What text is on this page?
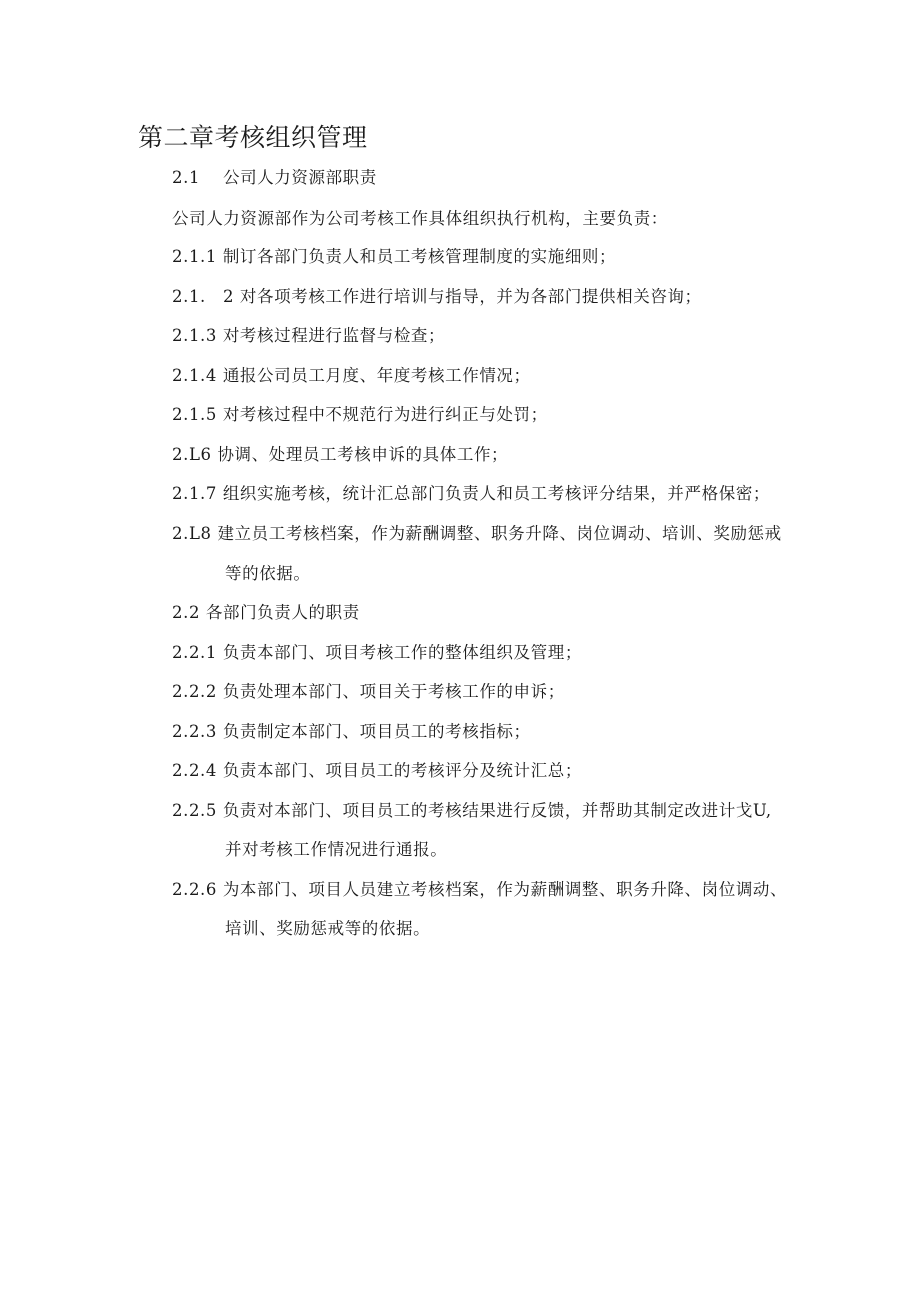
第二章考核组织管理
2.1　 公司人力资源部职责
公司人力资源部作为公司考核工作具体组织执行机构，主要负责：
2.1.1 制订各部门负责人和员工考核管理制度的实施细则；
2.1.　2 对各项考核工作进行培训与指导，并为各部门提供相关咨询；
2.1.3 对考核过程进行监督与检查；
2.1.4 通报公司员工月度、年度考核工作情况；
2.1.5 对考核过程中不规范行为进行纠正与处罚；
2.L6 协调、处理员工考核申诉的具体工作；
2.1.7 组织实施考核，统计汇总部门负责人和员工考核评分结果，并严格保密；
2.L8 建立员工考核档案，作为薪酬调整、职务升降、岗位调动、培训、奖励惩戒
等的依据。
2.2 各部门负责人的职责
2.2.1 负责本部门、项目考核工作的整体组织及管理；
2.2.2 负责处理本部门、项目关于考核工作的申诉；
2.2.3 负责制定本部门、项目员工的考核指标；
2.2.4 负责本部门、项目员工的考核评分及统计汇总；
2.2.5 负责对本部门、项目员工的考核结果进行反馈，并帮助其制定改进计戈U,
并对考核工作情况进行通报。
2.2.6 为本部门、项目人员建立考核档案，作为薪酬调整、职务升降、岗位调动、
培训、奖励惩戒等的依据。
